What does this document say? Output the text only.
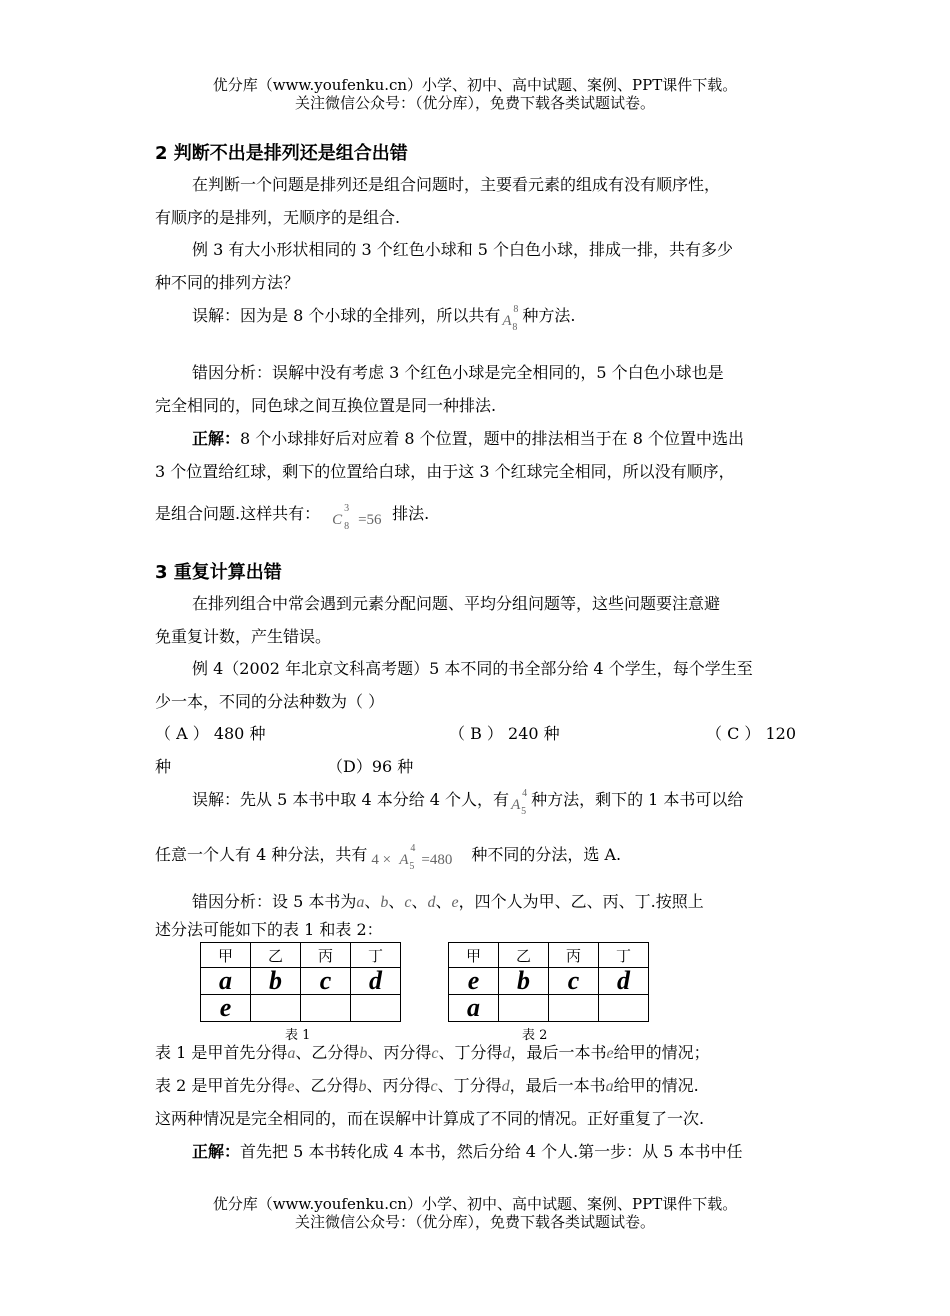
优分库（www.youfenku.cn）小学、初中、高中试题、案例、PPT课件下载。
关注微信公众号：（优分库），免费下载各类试题试卷。
2 判断不出是排列还是组合出错
在判断一个问题是排列还是组合问题时，主要看元素的组成有没有顺序性，
有顺序的是排列，无顺序的是组合.
例 3 有大小形状相同的 3 个红色小球和 5 个白色小球，排成一排，共有多少
种不同的排列方法？
误解：因为是 8 个小球的全排列，所以共有 A
8
8
种方法.
错因分析：误解中没有考虑 3 个红色小球是完全相同的，5 个白色小球也是
完全相同的，同色球之间互换位置是同一种排法.
正解：8 个小球排好后对应着 8 个位置，题中的排法相当于在 8 个位置中选出
3 个位置给红球，剩下的位置给白球，由于这 3 个红球完全相同，所以没有顺序，
是组合问题.这样共有： C
3
8 =56 排法.
3 重复计算出错
在排列组合中常会遇到元素分配问题、平均分组问题等，这些问题要注意避
免重复计数，产生错误。
例 4（2002 年北京文科高考题）5 本不同的书全部分给 4 个学生，每个学生至
少一本，不同的分法种数为（ ）
（ A ） 480 种	（ B ） 240 种	（ C ） 120
种	（D）96 种
误解：先从 5 本书中取 4 本分给 4 个人，有 A
4
5
种方法，剩下的 1 本书可以给
任意一个人有 4 种分法，共有 4 × A
4
5 =480 种不同的分法，选 A.
错因分析：设 5 本书为a、b、c、d、e，四个人为甲、乙、丙、丁.按照上
述分法可能如下的表 1 和表 2：
甲	乙	丙	丁
a	b	c	d
e			
表 1
甲	乙	丙	丁
e	b	c	d
a			
表 2
表 1 是甲首先分得a、乙分得b、丙分得c、丁分得d，最后一本书e给甲的情况；
表 2 是甲首先分得e、乙分得b、丙分得c、丁分得d，最后一本书a给甲的情况.
这两种情况是完全相同的，而在误解中计算成了不同的情况。正好重复了一次.
正解：首先把 5 本书转化成 4 本书，然后分给 4 个人.第一步：从 5 本书中任
优分库（www.youfenku.cn）小学、初中、高中试题、案例、PPT课件下载。
关注微信公众号：（优分库），免费下载各类试题试卷。
